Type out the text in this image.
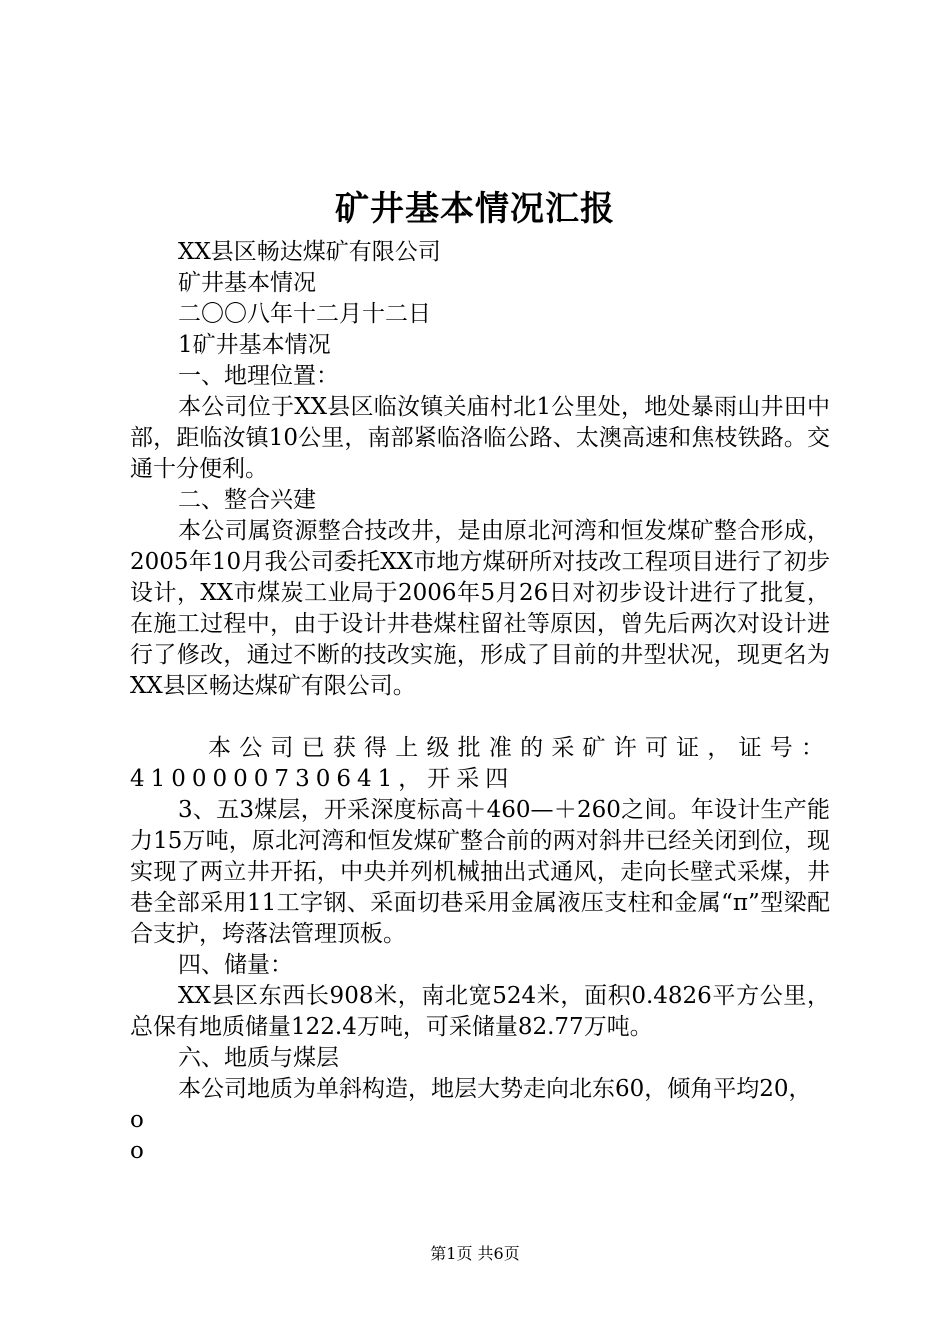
矿井基本情况汇报

XX县区畅达煤矿有限公司

矿井基本情况

二〇〇八年十二月十二日

1矿井基本情况

一、地理位置：

本公司位于XX县区临汝镇关庙村北1公里处，地处暴雨山井田中部，距临汝镇10公里，南部紧临洛临公路、太澳高速和焦枝铁路。交通十分便利。

二、整合兴建

本公司属资源整合技改井，是由原北河湾和恒发煤矿整合形成，2005年10月我公司委托XX市地方煤研所对技改工程项目进行了初步设计，XX市煤炭工业局于2006年5月26日对初步设计进行了批复，在施工过程中，由于设计井巷煤柱留社等原因，曾先后两次对设计进行了修改，通过不断的技改实施，形成了目前的井型状况，现更名为XX县区畅达煤矿有限公司。

本公司已获得上级批准的采矿许可证，证号：4100000730641，开采四

3、五3煤层，开采深度标高＋460—＋260之间。年设计生产能力15万吨，原北河湾和恒发煤矿整合前的两对斜井已经关闭到位，现实现了两立井开拓，中央并列机械抽出式通风，走向长壁式采煤，井巷全部采用11工字钢、采面切巷采用金属液压支柱和金属“π”型梁配合支护，垮落法管理顶板。

四、储量：

XX县区东西长908米，南北宽524米，面积0.4826平方公里，总保有地质储量122.4万吨，可采储量82.77万吨。

六、地质与煤层

本公司地质为单斜构造，地层大势走向北东60，倾角平均20，

o

o

第1页 共6页
